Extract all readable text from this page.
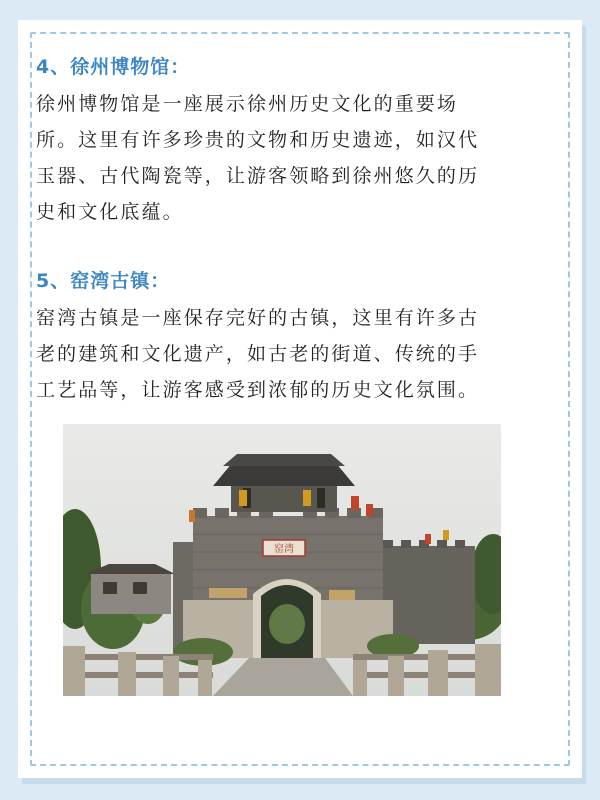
4、徐州博物馆：

徐州博物馆是一座展示徐州历史文化的重要场
所。这里有许多珍贵的文物和历史遗迹，如汉代
玉器、古代陶瓷等，让游客领略到徐州悠久的历
史和文化底蕴。

5、窑湾古镇：

窑湾古镇是一座保存完好的古镇，这里有许多古
老的建筑和文化遗产，如古老的街道、传统的手
工艺品等，让游客感受到浓郁的历史文化氛围。

窑湾
